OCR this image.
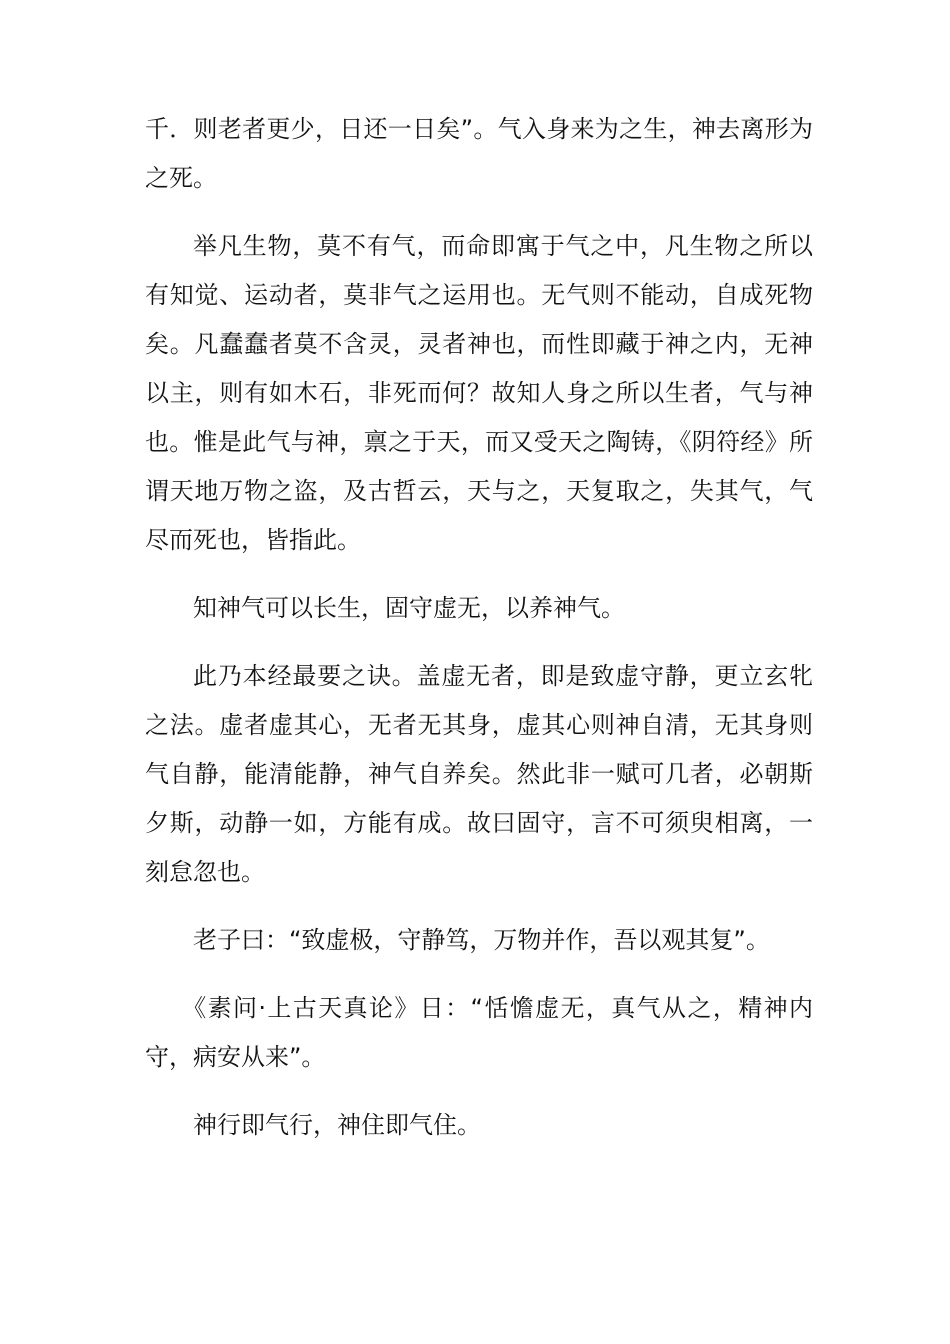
千．则老者更少，日还一日矣”。气入身来为之生，神去离形为之死。

举凡生物，莫不有气，而命即寓于气之中，凡生物之所以有知觉、运动者，莫非气之运用也。无气则不能动，自成死物矣。凡蠢蠢者莫不含灵，灵者神也，而性即藏于神之内，无神以主，则有如木石，非死而何？故知人身之所以生者，气与神也。惟是此气与神，禀之于天，而又受天之陶铸，《阴符经》所谓天地万物之盗，及古哲云，天与之，天复取之，失其气，气尽而死也，皆指此。

知神气可以长生，固守虚无，以养神气。

此乃本经最要之诀。盖虚无者，即是致虚守静，更立玄牝之法。虚者虚其心，无者无其身，虚其心则神自清，无其身则气自静，能清能静，神气自养矣。然此非一赋可几者，必朝斯夕斯，动静一如，方能有成。故曰固守，言不可须臾相离，一刻怠忽也。

老子曰：“致虚极，守静笃，万物并作，吾以观其复”。

《素问·上古天真论》日：“恬憺虚无，真气从之，精神内守，病安从来”。

神行即气行，神住即气住。
